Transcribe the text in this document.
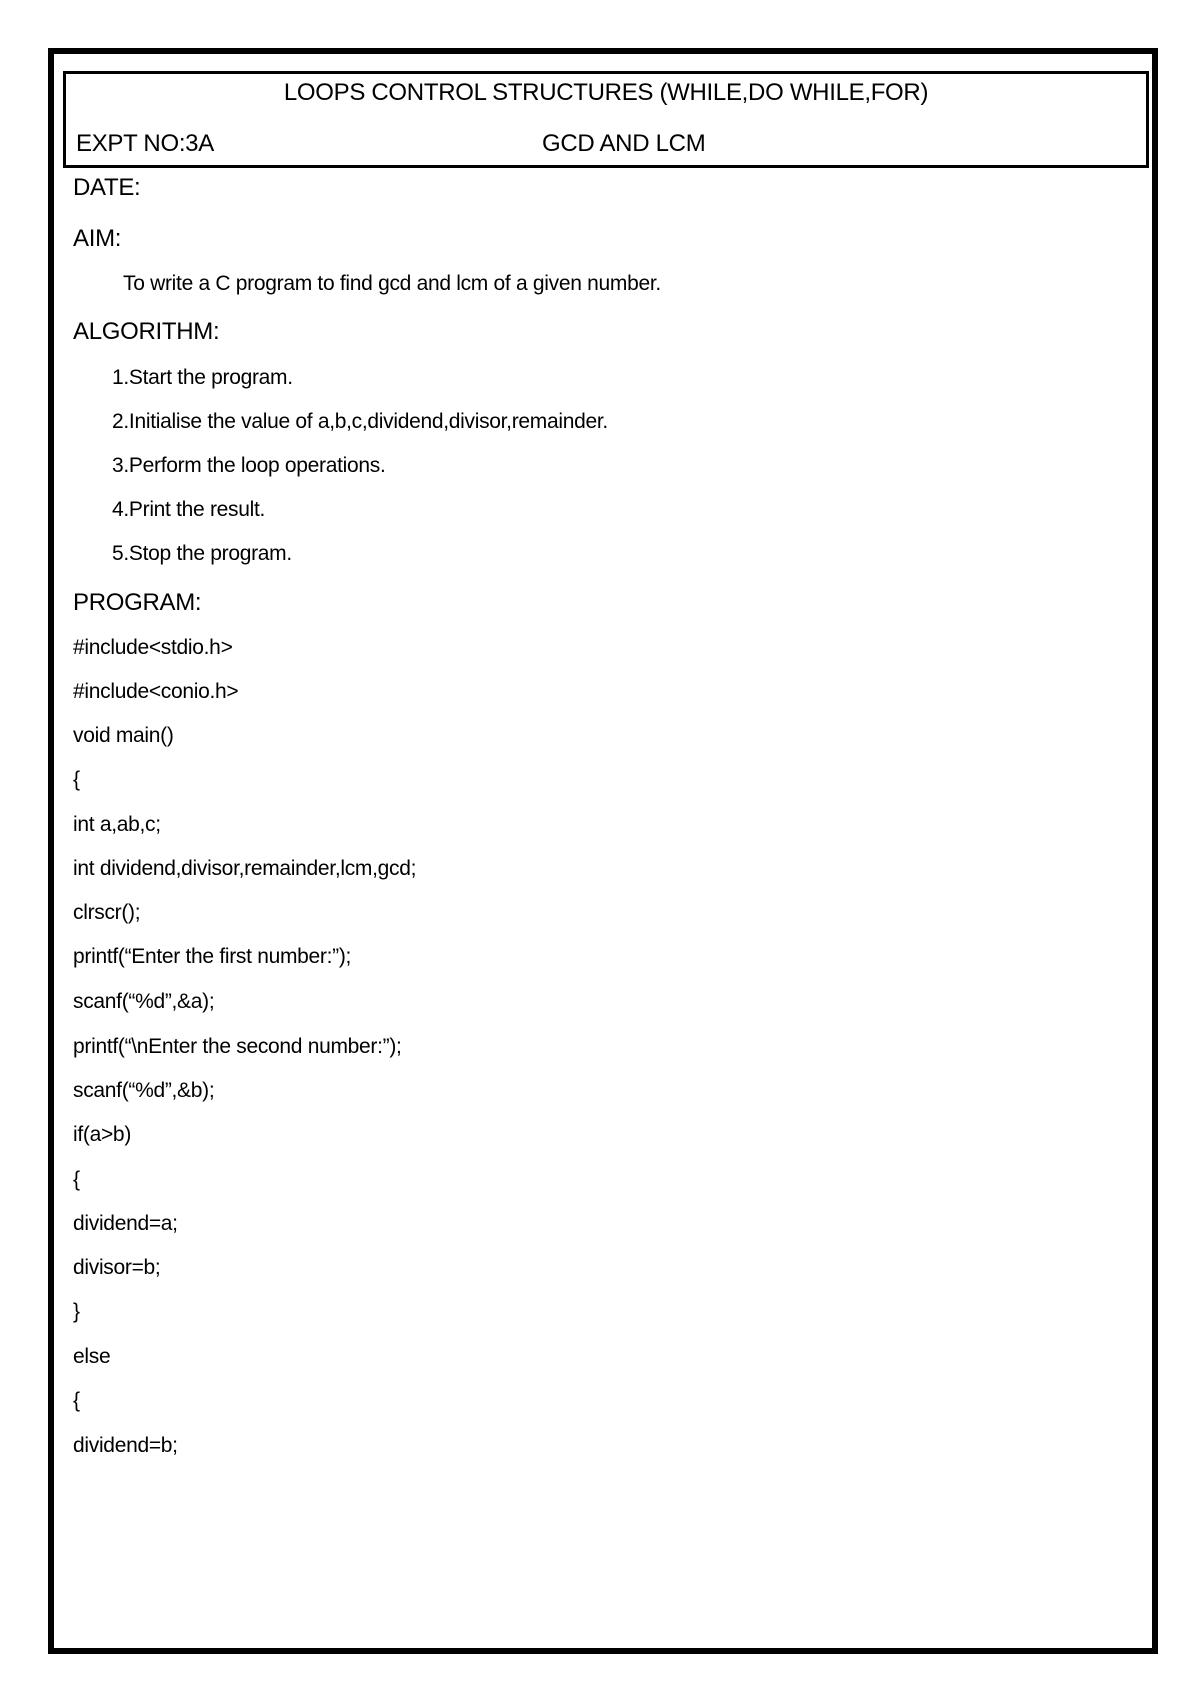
LOOPS CONTROL STRUCTURES (WHILE,DO WHILE,FOR)
EXPT NO:3A	GCD AND LCM
DATE:
AIM:
To write a C program to find gcd and lcm of a given number.
ALGORITHM:
1.Start the program.
2.Initialise the value of a,b,c,dividend,divisor,remainder.
3.Perform the loop operations.
4.Print the result.
5.Stop the program.
PROGRAM:
#include<stdio.h>
#include<conio.h>
void main()
{
int a,ab,c;
int dividend,divisor,remainder,lcm,gcd;
clrscr();
printf(“Enter the first number:”);
scanf(“%d”,&a);
printf(“\nEnter the second number:”);
scanf(“%d”,&b);
if(a>b)
{
dividend=a;
divisor=b;
}
else
{
dividend=b;
